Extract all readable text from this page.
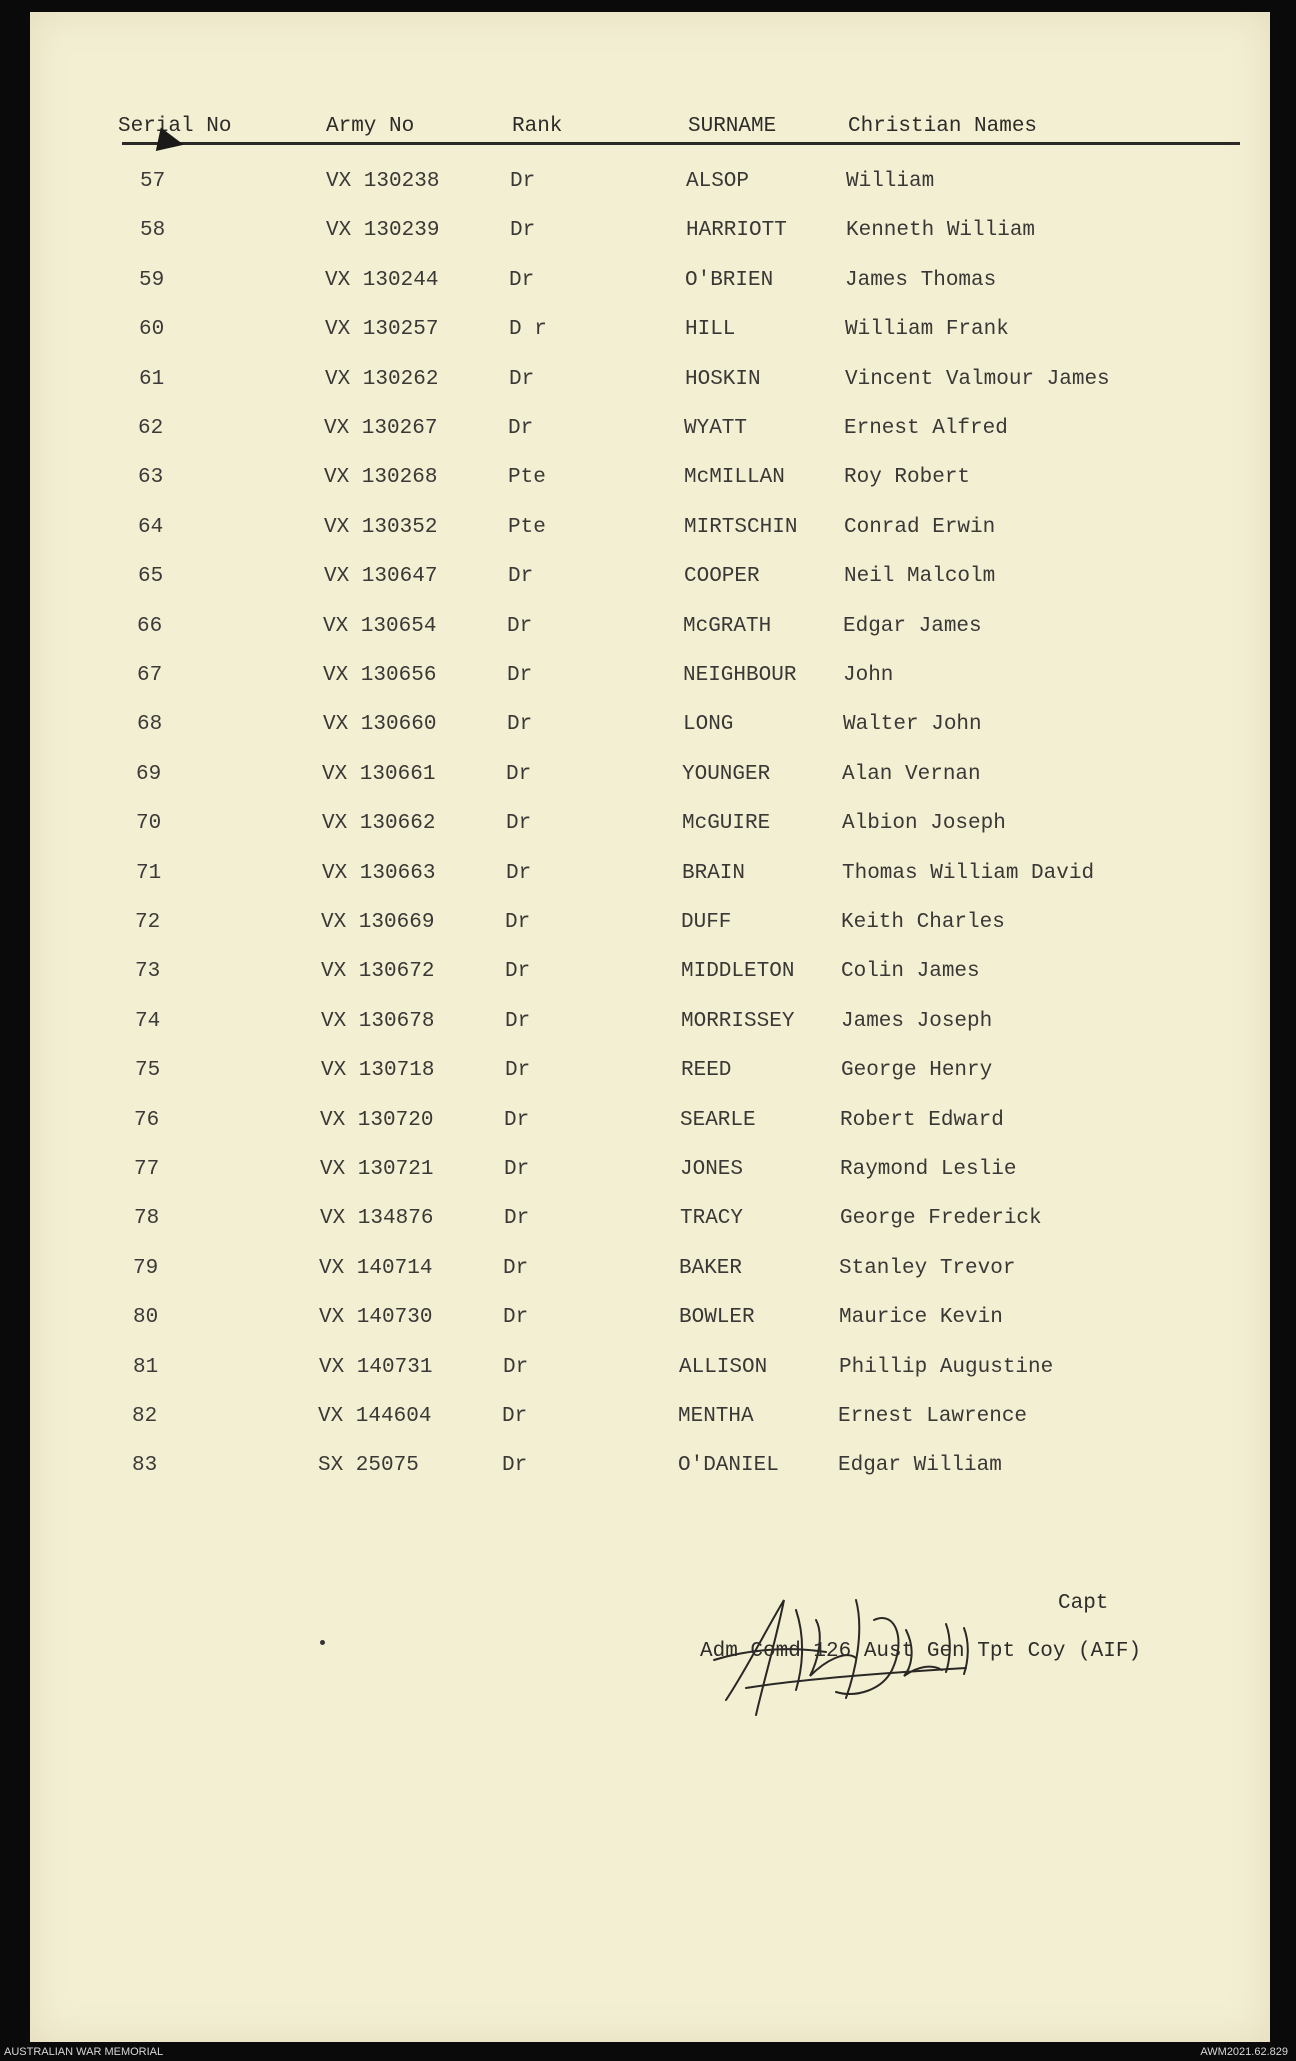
Serial No	Army No	Rank	SURNAME	Christian Names
57	VX 130238	Dr	ALSOP	William
58	VX 130239	Dr	HARRIOTT	Kenneth William
59	VX 130244	Dr	O'BRIEN	James Thomas
60	VX 130257	D r	HILL	William Frank
61	VX 130262	Dr	HOSKIN	Vincent Valmour James
62	VX 130267	Dr	WYATT	Ernest Alfred
63	VX 130268	Pte	McMILLAN	Roy Robert
64	VX 130352	Pte	MIRTSCHIN Conrad Erwin
65	VX 130647	Dr	COOPER	Neil Malcolm
66	VX 130654	Dr	McGRATH	Edgar James
67	VX 130656	Dr	NEIGHBOUR John
68	VX 130660	Dr	LONG	Walter John
69	VX 130661	Dr	YOUNGER	Alan Vernan
70	VX 130662	Dr	McGUIRE	Albion Joseph
71	VX 130663	Dr	BRAIN	Thomas William David
72	VX 130669	Dr	DUFF	Keith Charles
73	VX 130672	Dr	MIDDLETON Colin James
74	VX 130678	Dr	MORRISSEY James Joseph
75	VX 130718	Dr	REED	George Henry
76	VX 130720	Dr	SEARLE	Robert Edward
77	VX 130721	Dr	JONES	Raymond Leslie
78	VX 134876	Dr	TRACY	George Frederick
79	VX 140714	Dr	BAKER	Stanley Trevor
80	VX 140730	Dr	BOWLER	Maurice Kevin
81	VX 140731	Dr	ALLISON	Phillip Augustine
82	VX 144604	Dr	MENTHA	Ernest Lawrence
83	SX 25075	Dr	O'DANIEL	Edgar William
Capt
Adm Comd 126 Aust Gen Tpt Coy (AIF)
AUSTRALIAN WAR MEMORIAL	AWM2021.62.829
